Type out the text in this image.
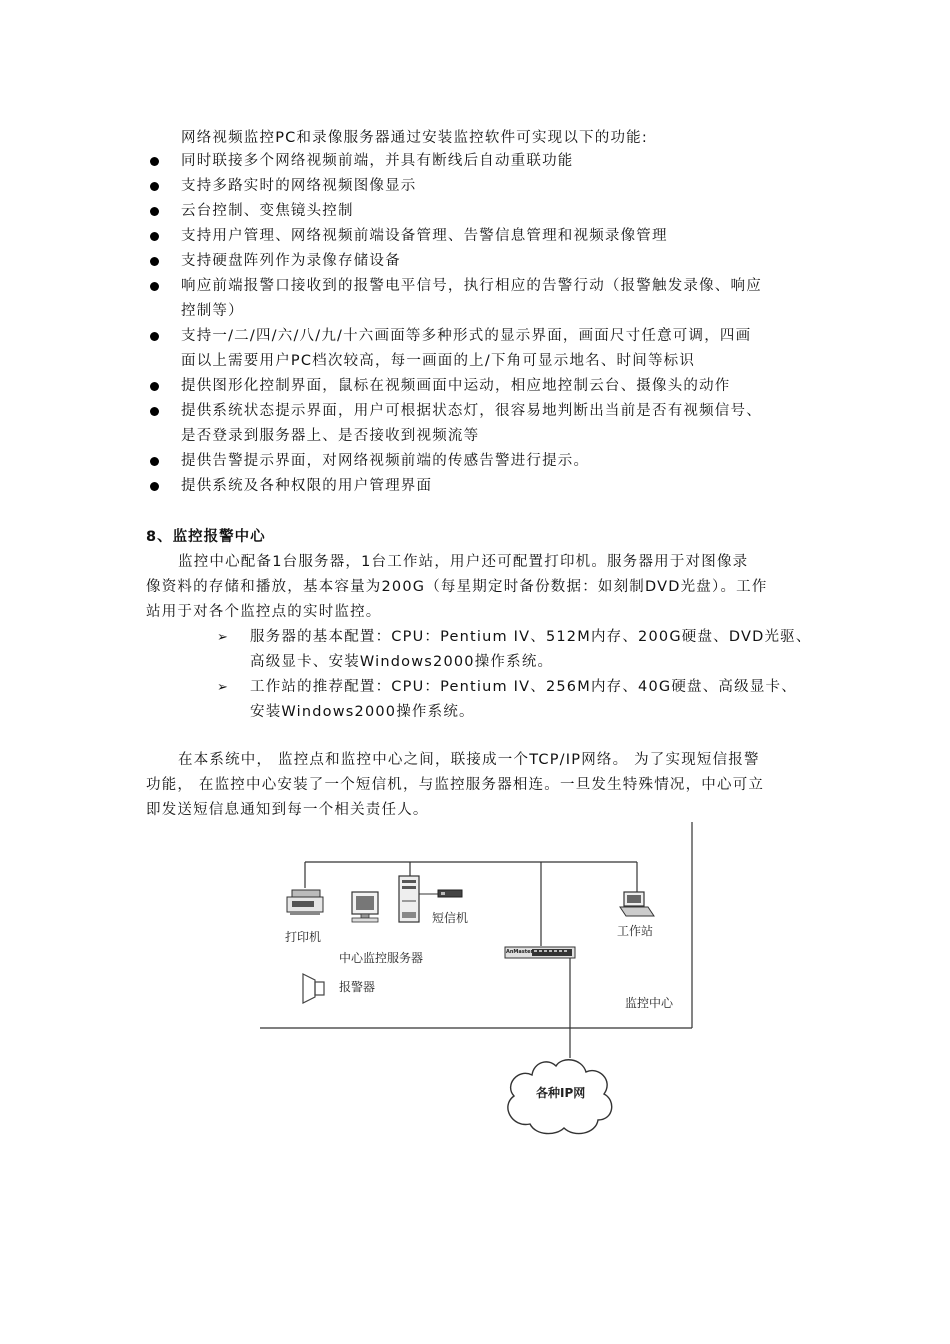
网络视频监控PC和录像服务器通过安装监控软件可实现以下的功能:
同时联接多个网络视频前端，并具有断线后自动重联功能
支持多路实时的网络视频图像显示
云台控制、变焦镜头控制
支持用户管理、网络视频前端设备管理、告警信息管理和视频录像管理
支持硬盘阵列作为录像存储设备
响应前端报警口接收到的报警电平信号，执行相应的告警行动（报警触发录像、响应
控制等）
支持一/二/四/六/八/九/十六画面等多种形式的显示界面，画面尺寸任意可调，四画
面以上需要用户PC档次较高，每一画面的上/下角可显示地名、时间等标识
提供图形化控制界面，鼠标在视频画面中运动，相应地控制云台、摄像头的动作
提供系统状态提示界面，用户可根据状态灯，很容易地判断出当前是否有视频信号、
是否登录到服务器上、是否接收到视频流等
提供告警提示界面，对网络视频前端的传感告警进行提示。
提供系统及各种权限的用户管理界面
8、监控报警中心
监控中心配备1台服务器，1台工作站，用户还可配置打印机。服务器用于对图像录
像资料的存储和播放，基本容量为200G（每星期定时备份数据：如刻制DVD光盘）。工作
站用于对各个监控点的实时监控。
➢ 服务器的基本配置：CPU：Pentium IV、512M内存、200G硬盘、DVD光驱、
高级显卡、安装Windows2000操作系统。
➢ 工作站的推荐配置：CPU：Pentium IV、256M内存、40G硬盘、高级显卡、
安装Windows2000操作系统。
在本系统中， 监控点和监控中心之间，联接成一个TCP/IP网络。 为了实现短信报警
功能， 在监控中心安装了一个短信机，与监控服务器相连。一旦发生特殊情况，中心可立
即发送短信息通知到每一个相关责任人。
打印机
短信机
中心监控服务器
报警器
工作站
监控中心
各种IP网
AnMaster
